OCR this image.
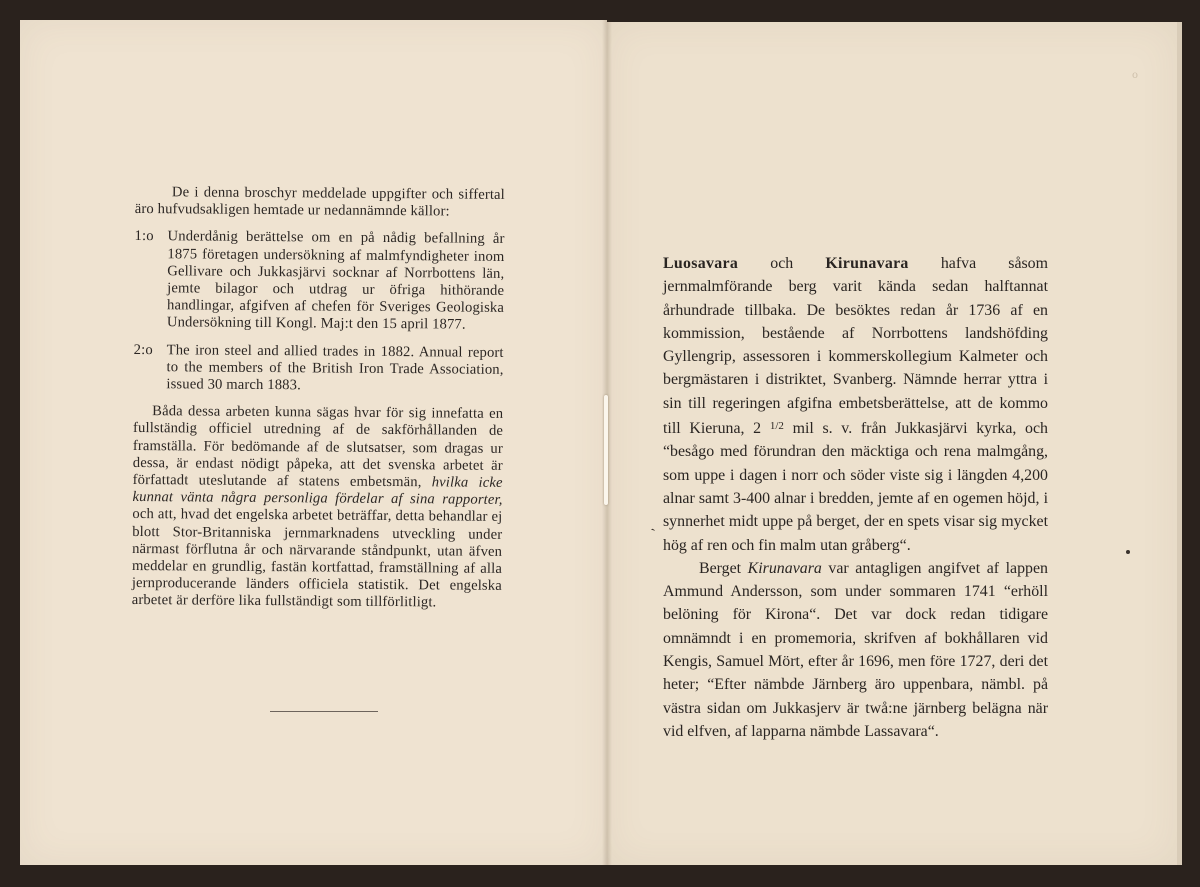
De i denna broschyr meddelade uppgifter och siffertal äro hufvudsakligen hemtade ur nedannämnde källor:

1:o Underdånig berättelse om en på nådig befallning år 1875 företagen undersökning af malmfyndigheter inom Gellivare och Jukkasjärvi socknar af Norrbottens län, jemte bilagor och utdrag ur öfriga hithörande handlingar, afgifven af chefen för Sveriges Geologiska Undersökning till Kongl. Maj:t den 15 april 1877.
2:o The iron steel and allied trades in 1882. Annual report to the members of the British Iron Trade Association, issued 30 march 1883.

Båda dessa arbeten kunna sägas hvar för sig innefatta en fullständig officiel utredning af de sakförhållanden de framställa. För bedömande af de slutsatser, som dragas ur dessa, är endast nödigt påpeka, att det svenska arbetet är författadt uteslutande af statens embetsmän, hvilka icke kunnat vänta några personliga fördelar af sina rapporter, och att, hvad det engelska arbetet beträffar, detta behandlar ej blott Stor-Britanniska jernmarknadens utveckling under närmast förflutna år och närvarande ståndpunkt, utan äfven meddelar en grundlig, fastän kortfattad, framställning af alla jernproducerande länders officiela statistik. Det engelska arbetet är derföre lika fullständigt som tillförlitligt.

Luosavara och Kirunavara hafva såsom jernmalmförande berg varit kända sedan halftannat århundrade tillbaka. De besöktes redan år 1736 af en kommission, bestående af Norrbottens landshöfding Gyllengrip, assessoren i kommerskollegium Kalmeter och bergmästaren i distriktet, Svanberg. Nämnde herrar yttra i sin till regeringen afgifna embetsberättelse, att de kommo till Kieruna, 2 $^{1/2}$ mil s. v. från Jukkasjärvi kyrka, och “besågo med förundran den mäcktiga och rena malmgång, som uppe i dagen i norr och söder viste sig i längden 4,200 alnar samt 3-400 alnar i bredden, jemte af en ogemen höjd, i synnerhet midt uppe på berget, der en spets visar sig mycket hög af ren och fin malm utan gråberg“.

Berget Kirunavara var antagligen angifvet af lappen Ammund Andersson, som under sommaren 1741 “erhöll belöning för Kirona“. Det var dock redan tidigare omnämndt i en promemoria, skrifven af bokhållaren vid Kengis, Samuel Mört, efter år 1696, men före 1727, deri det heter; “Efter nämbde Järnberg äro uppenbara, nämbl. på västra sidan om Jukkasjerv är twå:ne järnberg belägna när vid elfven, af lapparna nämbde Lassavara“.

ˎ
o
